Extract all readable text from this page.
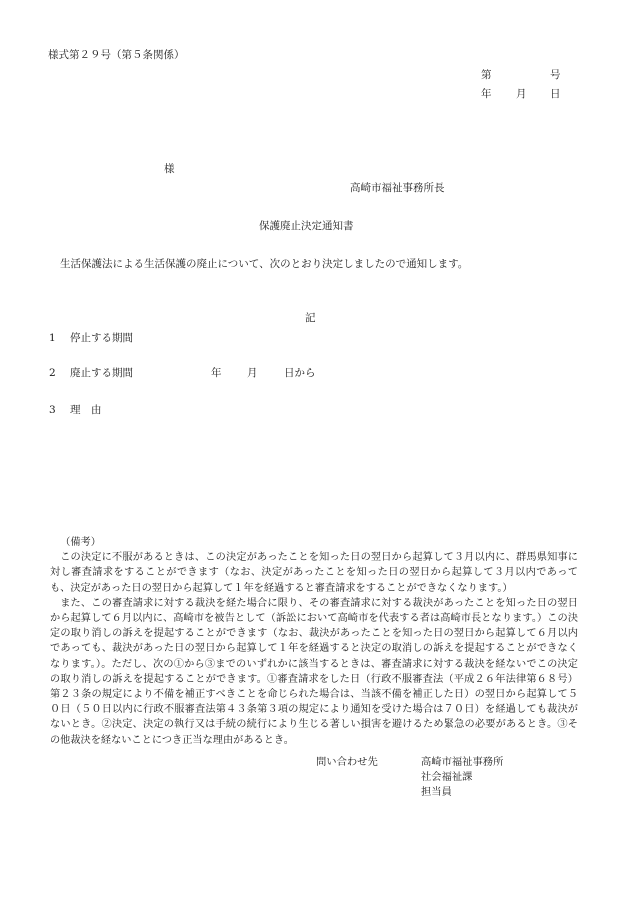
様式第２９号（第５条関係）
第	号
年 月 日
様
高崎市福祉事務所長
保護廃止決定通知書
生活保護法による生活保護の廃止について、次のとおり決定しましたので通知します。
記
1 停止する期間
2 廃止する期間	年 月	日から
3 理　由

（備考）

この決定に不服があるときは、この決定があったことを知った日の翌日から起算して３月以内に、群馬県知事に対し審査請求をすることができます（なお、決定があったことを知った日の翌日から起算して３月以内であっても、決定があった日の翌日から起算して１年を経過すると審査請求をすることができなくなります。）

また、この審査請求に対する裁決を経た場合に限り、その審査請求に対する裁決があったことを知った日の翌日から起算して６月以内に、高崎市を被告として（訴訟において高崎市を代表する者は高崎市長となります。）この決定の取り消しの訴えを提起することができます（なお、裁決があったことを知った日の翌日から起算して６月以内であっても、裁決があった日の翌日から起算して１年を経過すると決定の取消しの訴えを提起することができなくなります。）。ただし、次の①から③までのいずれかに該当するときは、審査請求に対する裁決を経ないでこの決定の取り消しの訴えを提起することができます。①審査請求をした日（行政不服審査法（平成２６年法律第６８号）第２３条の規定により不備を補正すべきことを命じられた場合は、当該不備を補正した日）の翌日から起算して５０日（５０日以内に行政不服審査法第４３条第３項の規定により通知を受けた場合は７０日）を経過しても裁決がないとき。②決定、決定の執行又は手続の続行により生じる著しい損害を避けるため緊急の必要があるとき。③その他裁決を経ないことにつき正当な理由があるとき。

問い合わせ先	高崎市福祉事務所
社会福祉課
担当員
